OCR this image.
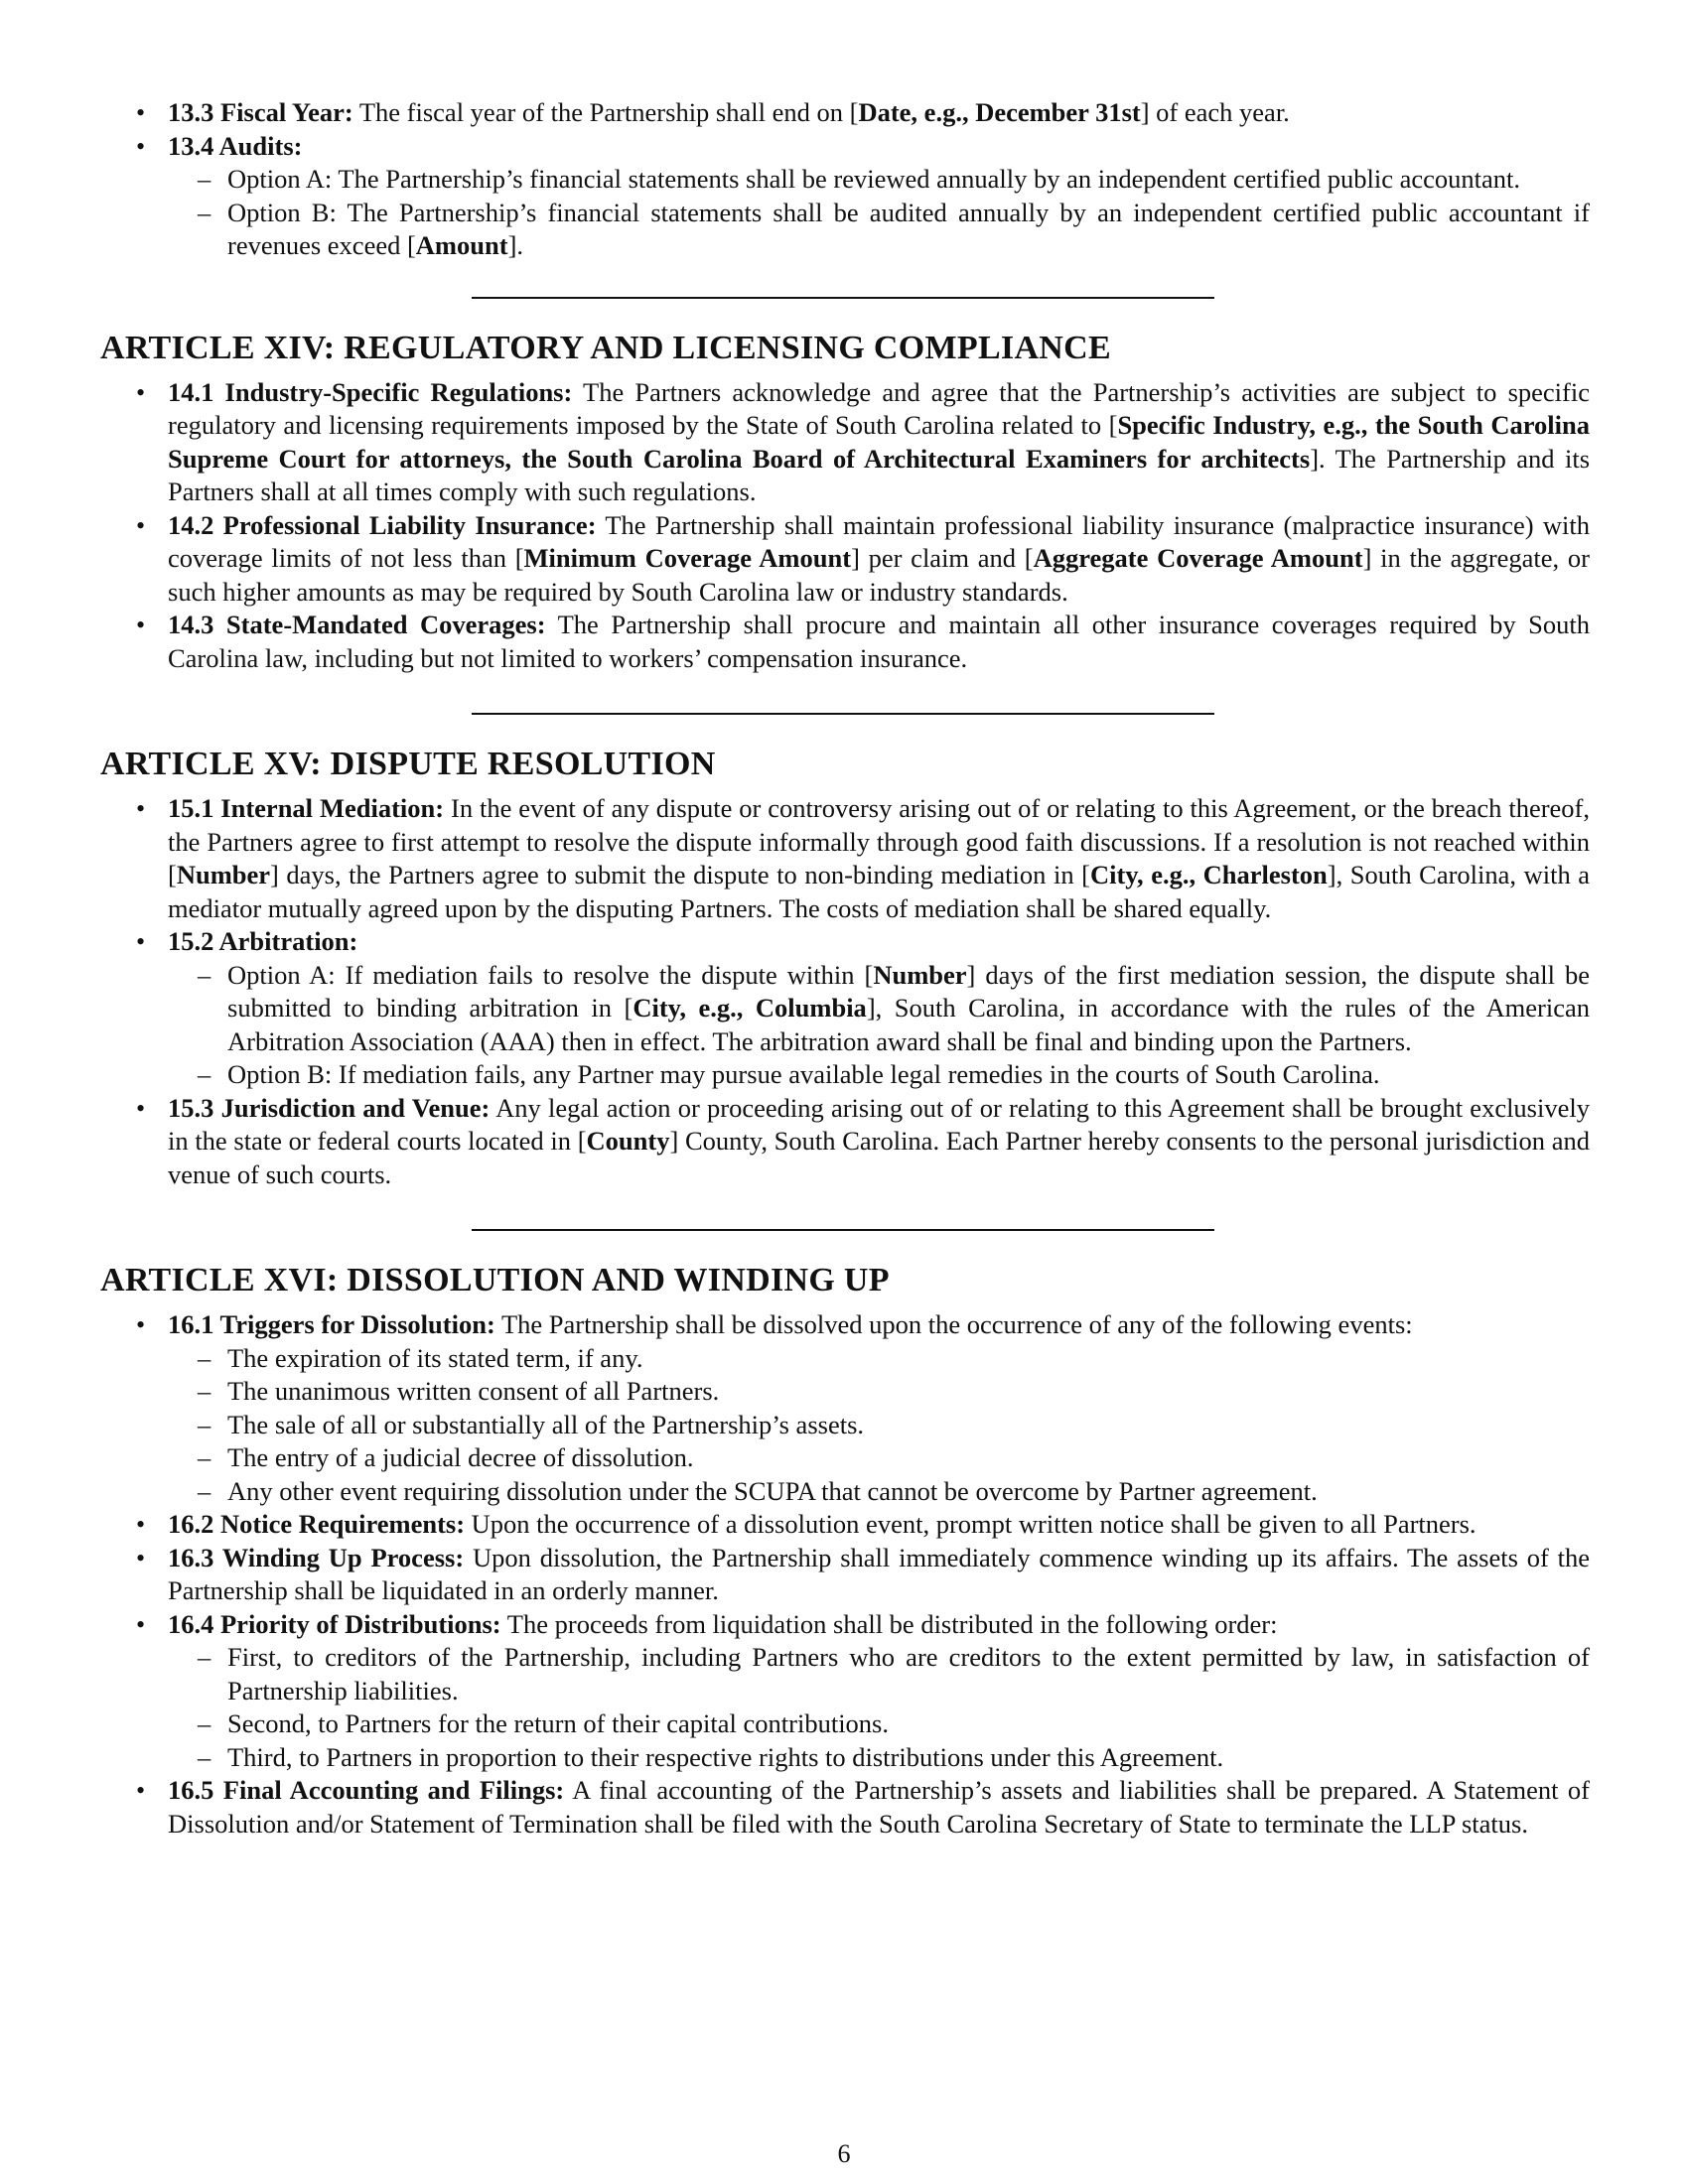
• 13.3 Fiscal Year: The fiscal year of the Partnership shall end on [Date, e.g., December 31st] of each year.
• 13.4 Audits:
– Option A: The Partnership’s financial statements shall be reviewed annually by an independent certified public accountant.
– Option B: The Partnership’s financial statements shall be audited annually by an independent certified public accountant if revenues exceed [Amount].
ARTICLE XIV: REGULATORY AND LICENSING COMPLIANCE
• 14.1 Industry-Specific Regulations: The Partners acknowledge and agree that the Partnership’s activities are subject to specific regulatory and licensing requirements imposed by the State of South Carolina related to [Specific Industry, e.g., the South Carolina Supreme Court for attorneys, the South Carolina Board of Architectural Examiners for architects]. The Partnership and its Partners shall at all times comply with such regulations.
• 14.2 Professional Liability Insurance: The Partnership shall maintain professional liability insurance (malpractice insurance) with coverage limits of not less than [Minimum Coverage Amount] per claim and [Aggregate Coverage Amount] in the aggregate, or such higher amounts as may be required by South Carolina law or industry standards.
• 14.3 State-Mandated Coverages: The Partnership shall procure and maintain all other insurance coverages required by South Carolina law, including but not limited to workers’ compensation insurance.
ARTICLE XV: DISPUTE RESOLUTION
• 15.1 Internal Mediation: In the event of any dispute or controversy arising out of or relating to this Agreement, or the breach thereof, the Partners agree to first attempt to resolve the dispute informally through good faith discussions. If a resolution is not reached within [Number] days, the Partners agree to submit the dispute to non-binding mediation in [City, e.g., Charleston], South Carolina, with a mediator mutually agreed upon by the disputing Partners. The costs of mediation shall be shared equally.
• 15.2 Arbitration:
– Option A: If mediation fails to resolve the dispute within [Number] days of the first mediation session, the dispute shall be submitted to binding arbitration in [City, e.g., Columbia], South Carolina, in accordance with the rules of the American Arbitration Association (AAA) then in effect. The arbitration award shall be final and binding upon the Partners.
– Option B: If mediation fails, any Partner may pursue available legal remedies in the courts of South Carolina.
• 15.3 Jurisdiction and Venue: Any legal action or proceeding arising out of or relating to this Agreement shall be brought exclusively in the state or federal courts located in [County] County, South Carolina. Each Partner hereby consents to the personal jurisdiction and venue of such courts.
ARTICLE XVI: DISSOLUTION AND WINDING UP
• 16.1 Triggers for Dissolution: The Partnership shall be dissolved upon the occurrence of any of the following events:
– The expiration of its stated term, if any.
– The unanimous written consent of all Partners.
– The sale of all or substantially all of the Partnership’s assets.
– The entry of a judicial decree of dissolution.
– Any other event requiring dissolution under the SCUPA that cannot be overcome by Partner agreement.
• 16.2 Notice Requirements: Upon the occurrence of a dissolution event, prompt written notice shall be given to all Partners.
• 16.3 Winding Up Process: Upon dissolution, the Partnership shall immediately commence winding up its affairs. The assets of the Partnership shall be liquidated in an orderly manner.
• 16.4 Priority of Distributions: The proceeds from liquidation shall be distributed in the following order:
– First, to creditors of the Partnership, including Partners who are creditors to the extent permitted by law, in satisfaction of Partnership liabilities.
– Second, to Partners for the return of their capital contributions.
– Third, to Partners in proportion to their respective rights to distributions under this Agreement.
• 16.5 Final Accounting and Filings: A final accounting of the Partnership’s assets and liabilities shall be prepared. A Statement of Dissolution and/or Statement of Termination shall be filed with the South Carolina Secretary of State to terminate the LLP status.
6
